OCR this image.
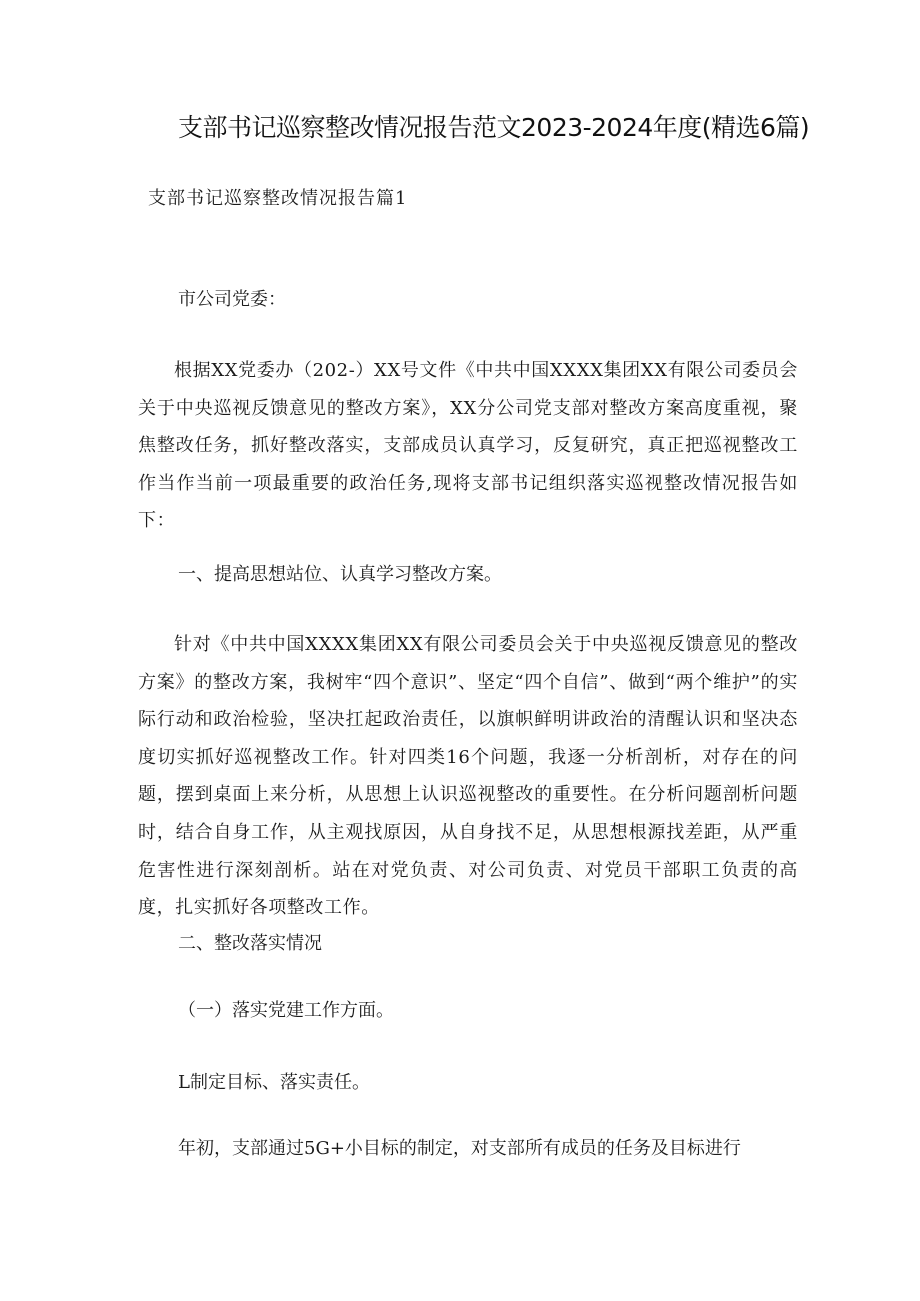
支部书记巡察整改情况报告范文2023-2024年度(精选6篇)
支部书记巡察整改情况报告篇1
市公司党委：
根据XX党委办（202-）XX号文件《中共中国XXXX集团XX有限公司委员会关于中央巡视反馈意见的整改方案》，XX分公司党支部对整改方案高度重视，聚焦整改任务，抓好整改落实，支部成员认真学习，反复研究，真正把巡视整改工作当作当前一项最重要的政治任务,现将支部书记组织落实巡视整改情况报告如下：
一、提高思想站位、认真学习整改方案。
针对《中共中国XXXX集团XX有限公司委员会关于中央巡视反馈意见的整改方案》的整改方案，我树牢“四个意识”、坚定“四个自信”、做到“两个维护”的实际行动和政治检验，坚决扛起政治责任，以旗帜鲜明讲政治的清醒认识和坚决态度切实抓好巡视整改工作。针对四类16个问题，我逐一分析剖析，对存在的问题，摆到桌面上来分析，从思想上认识巡视整改的重要性。在分析问题剖析问题时，结合自身工作，从主观找原因，从自身找不足，从思想根源找差距，从严重危害性进行深刻剖析。站在对党负责、对公司负责、对党员干部职工负责的高度，扎实抓好各项整改工作。
二、整改落实情况
（一）落实党建工作方面。
L制定目标、落实责任。
年初，支部通过5G+小目标的制定，对支部所有成员的任务及目标进行
